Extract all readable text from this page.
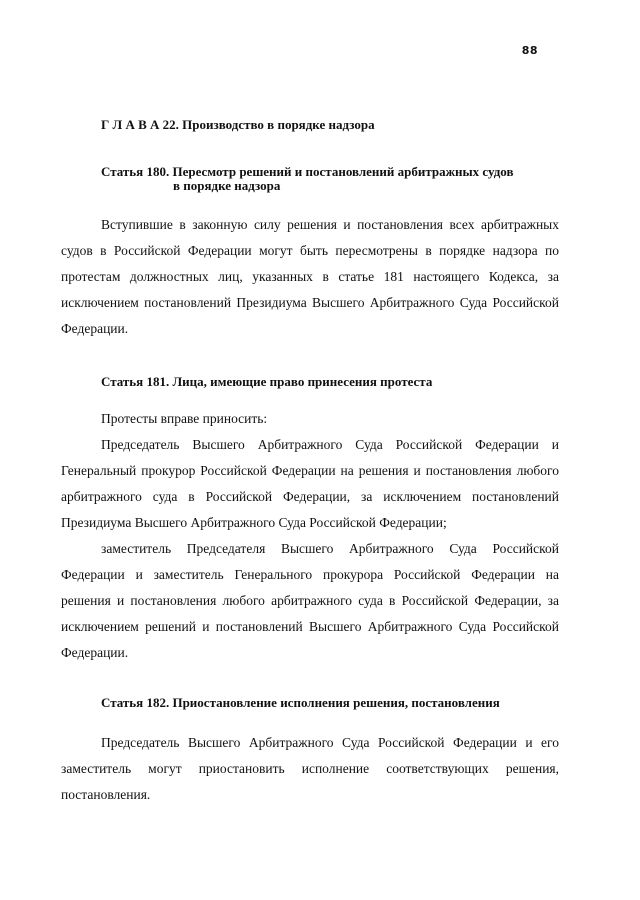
88
Г Л А В А 22. Производство в порядке надзора
Статья 180. Пересмотр решений и постановлений арбитражных судов
в порядке надзора

Вступившие в законную силу решения и постановления всех арбитражных судов в Российской Федерации могут быть пересмотрены в порядке надзора по протестам должностных лиц, указанных в статье 181 настоящего Кодекса, за исключением постановлений Президиума Высшего Арбитражного Суда Российской Федерации.

Статья 181. Лица, имеющие право принесения протеста

Протесты вправе приносить:

Председатель Высшего Арбитражного Суда Российской Федерации и Генеральный прокурор Российской Федерации на решения и постановления любого арбитражного суда в Российской Федерации, за исключением постановлений Президиума Высшего Арбитражного Суда Российской Федерации;

заместитель Председателя Высшего Арбитражного Суда Российской Федерации и заместитель Генерального прокурора Российской Федерации на решения и постановления любого арбитражного суда в Российской Федерации, за исключением решений и постановлений Высшего Арбитражного Суда Российской Федерации.

Статья 182. Приостановление исполнения решения, постановления

Председатель Высшего Арбитражного Суда Российской Федерации и его заместитель могут приостановить исполнение соответствующих решения, постановления.
